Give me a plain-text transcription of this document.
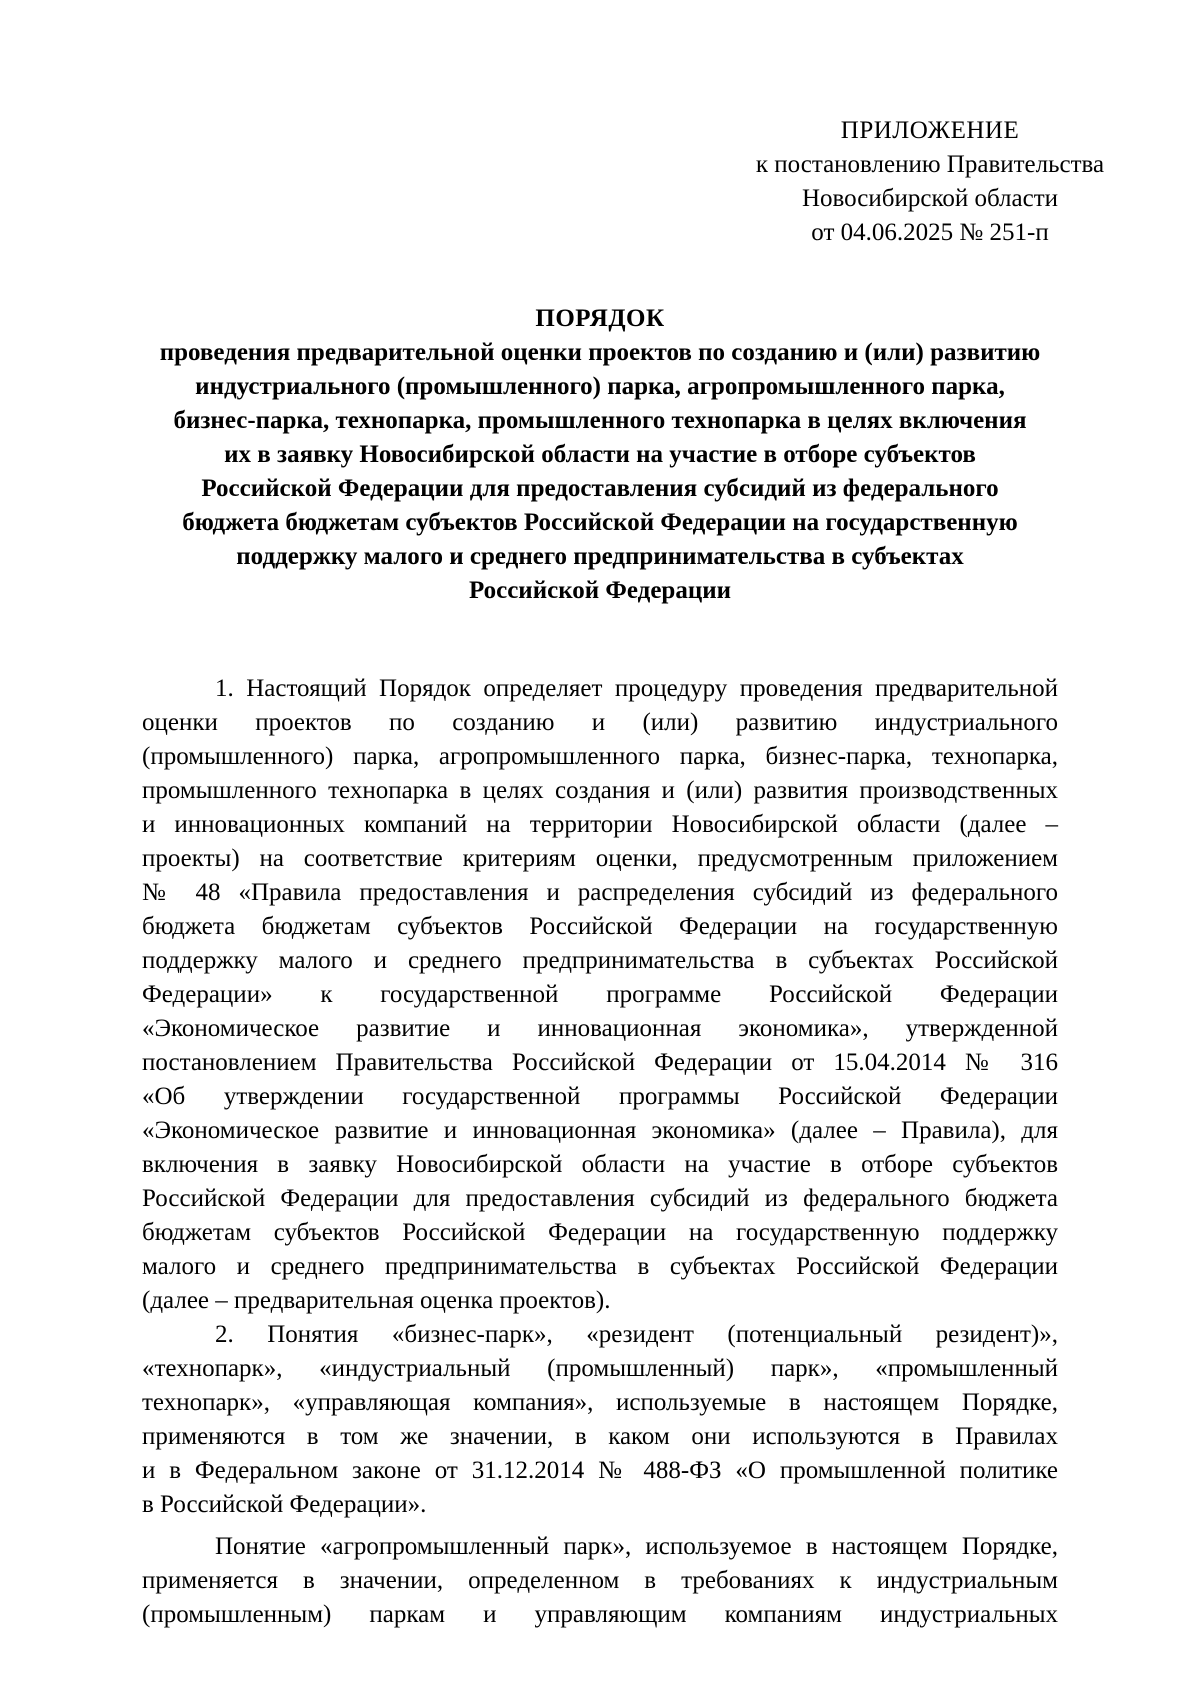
ПРИЛОЖЕНИЕ
к постановлению Правительства
Новосибирской области
от 04.06.2025 № 251-п
ПОРЯДОК
проведения предварительной оценки проектов по созданию и (или) развитию
индустриального (промышленного) парка, агропромышленного парка,
бизнес-парка, технопарка, промышленного технопарка в целях включения
их в заявку Новосибирской области на участие в отборе субъектов
Российской Федерации для предоставления субсидий из федерального
бюджета бюджетам субъектов Российской Федерации на государственную
поддержку малого и среднего предпринимательства в субъектах
Российской Федерации
1. Настоящий Порядок определяет процедуру проведения предварительной
оценки проектов по созданию и (или) развитию индустриального
(промышленного) парка, агропромышленного парка, бизнес-парка, технопарка,
промышленного технопарка в целях создания и (или) развития производственных
и инновационных компаний на территории Новосибирской области (далее –
проекты) на соответствие критериям оценки, предусмотренным приложением
№ 48 «Правила предоставления и распределения субсидий из федерального
бюджета бюджетам субъектов Российской Федерации на государственную
поддержку малого и среднего предпринимательства в субъектах Российской
Федерации» к государственной программе Российской Федерации
«Экономическое развитие и инновационная экономика», утвержденной
постановлением Правительства Российской Федерации от 15.04.2014 № 316
«Об утверждении государственной программы Российской Федерации
«Экономическое развитие и инновационная экономика» (далее – Правила), для
включения в заявку Новосибирской области на участие в отборе субъектов
Российской Федерации для предоставления субсидий из федерального бюджета
бюджетам субъектов Российской Федерации на государственную поддержку
малого и среднего предпринимательства в субъектах Российской Федерации
(далее – предварительная оценка проектов).
2. Понятия «бизнес-парк», «резидент (потенциальный резидент)»,
«технопарк», «индустриальный (промышленный) парк», «промышленный
технопарк», «управляющая компания», используемые в настоящем Порядке,
применяются в том же значении, в каком они используются в Правилах
и в Федеральном законе от 31.12.2014 № 488-ФЗ «О промышленной политике
в Российской Федерации».
Понятие «агропромышленный парк», используемое в настоящем Порядке,
применяется в значении, определенном в требованиях к индустриальным
(промышленным) паркам и управляющим компаниям индустриальных
